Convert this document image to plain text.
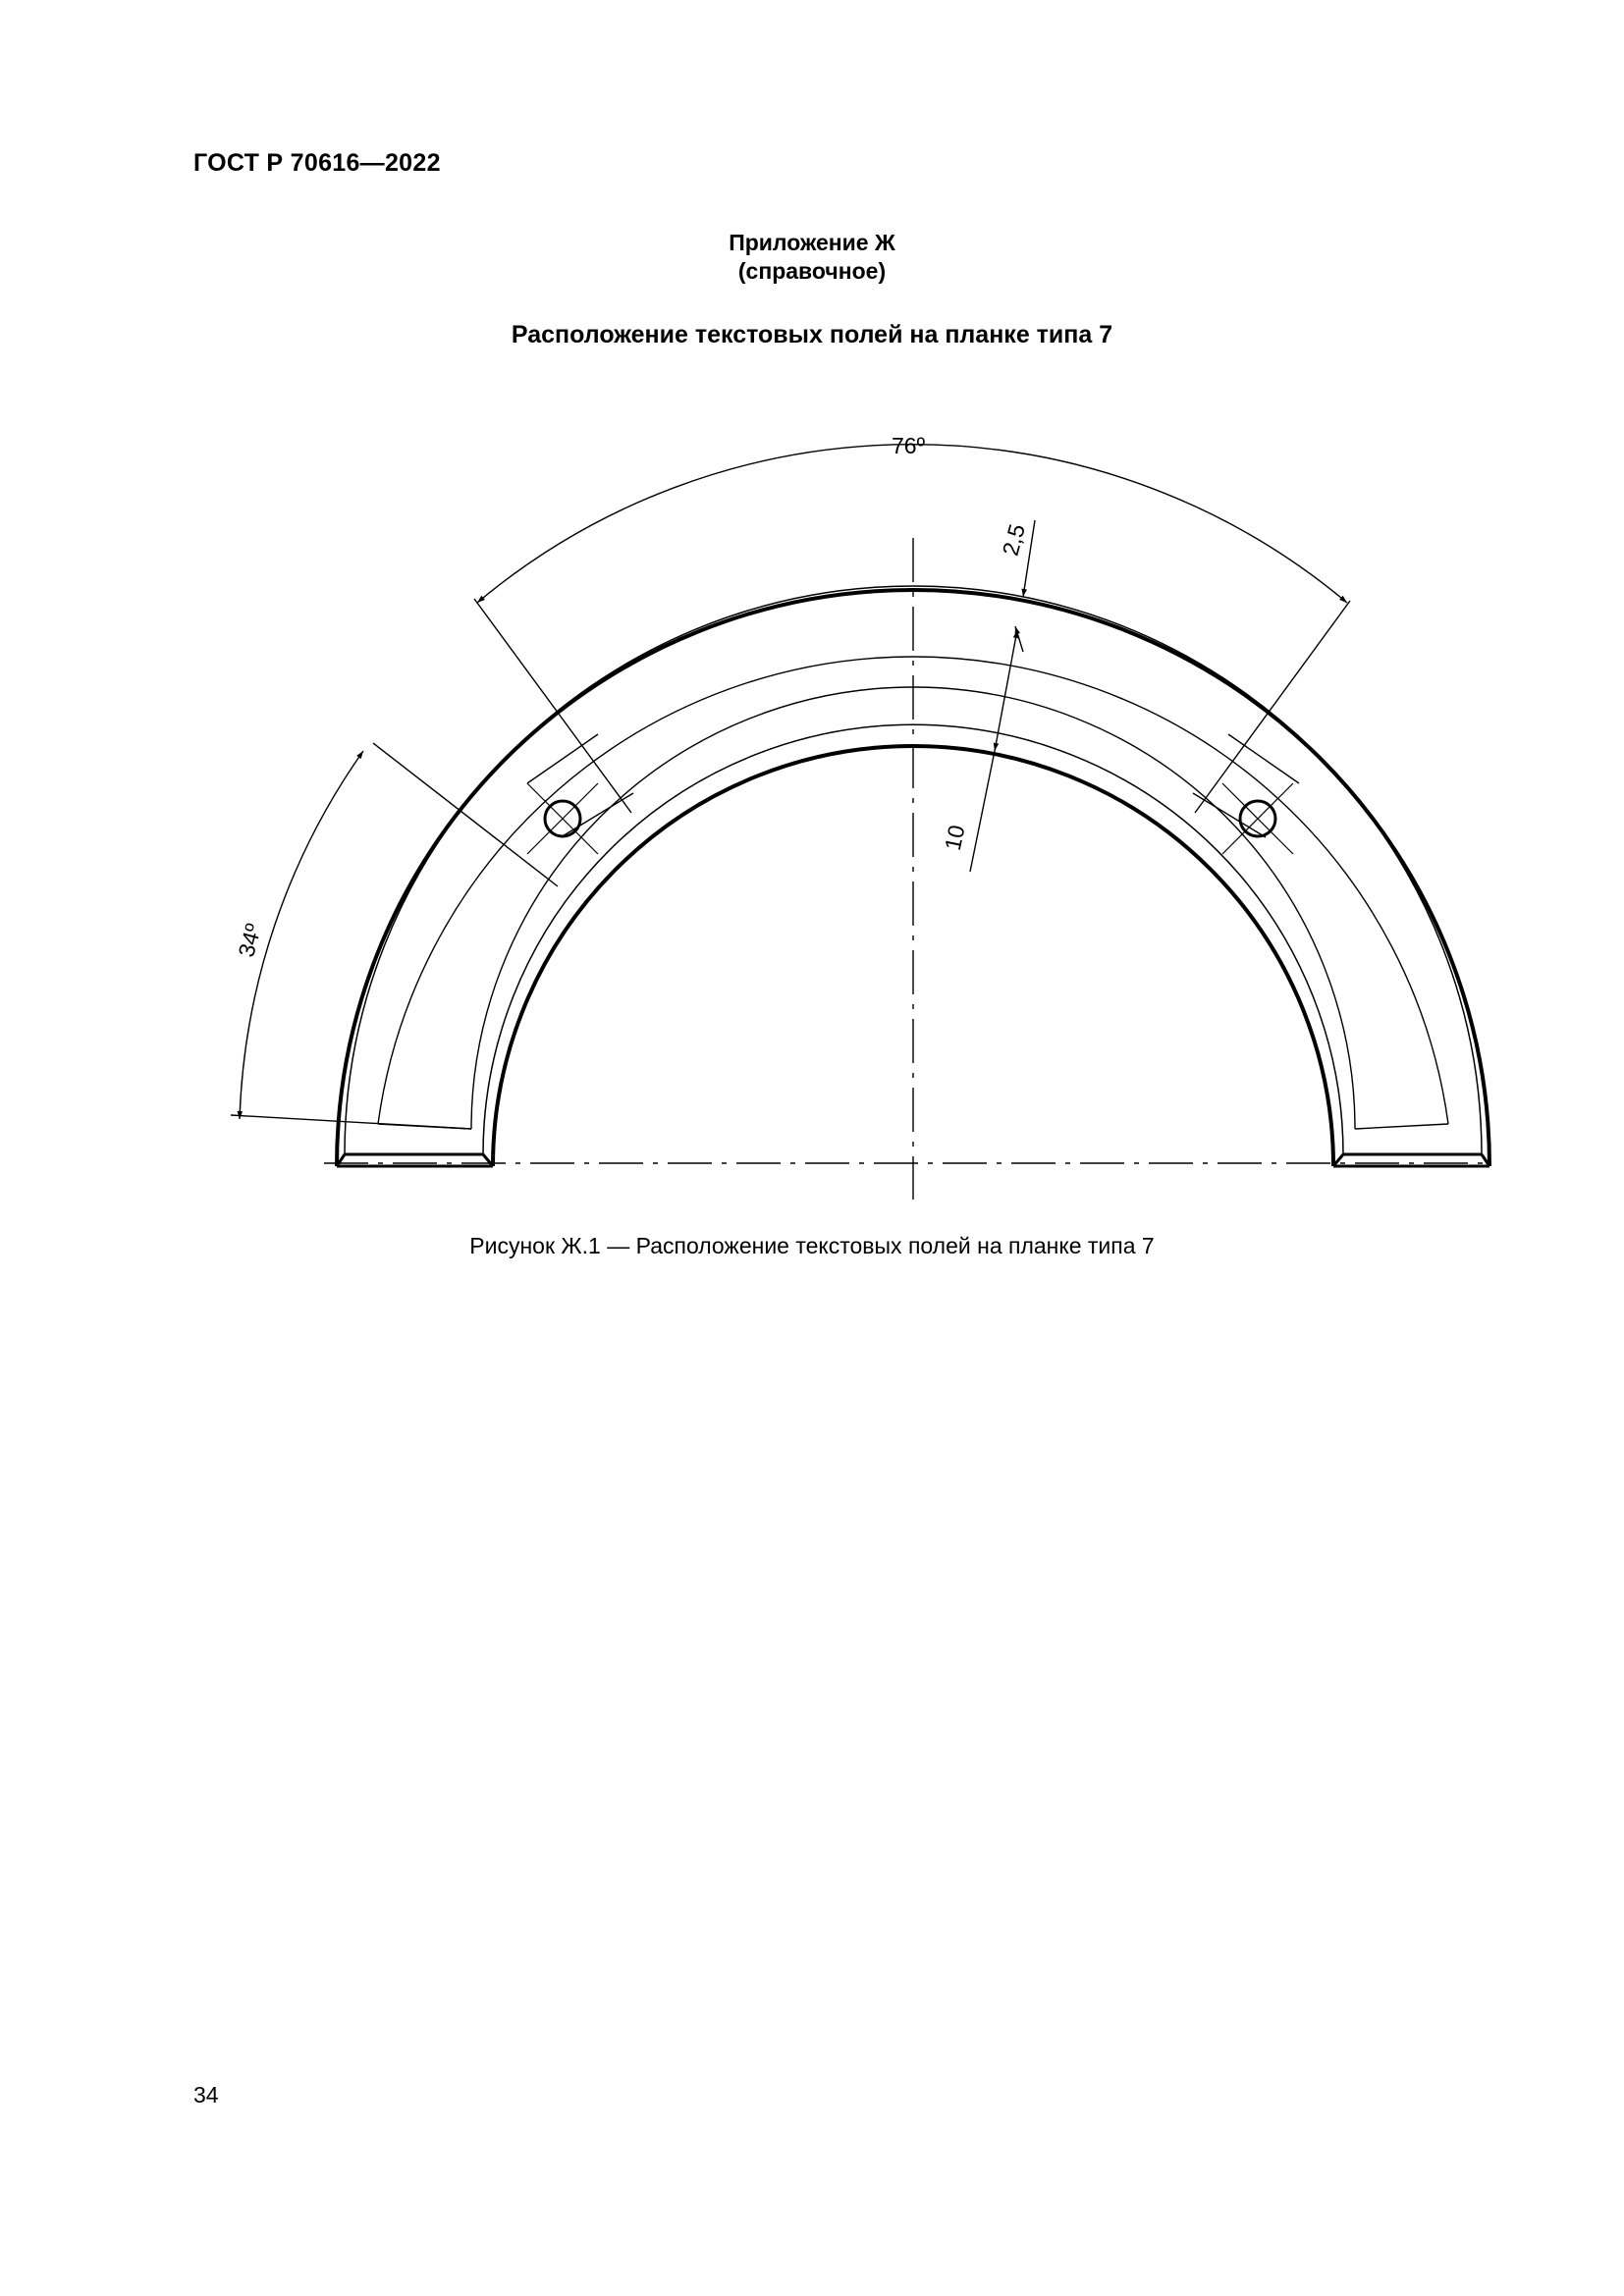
ГОСТ Р 70616—2022
Приложение Ж
(справочное)
Расположение текстовых полей на планке типа 7
76º
34º
2,5
10
Рисунок Ж.1 — Расположение текстовых полей на планке типа 7
34
